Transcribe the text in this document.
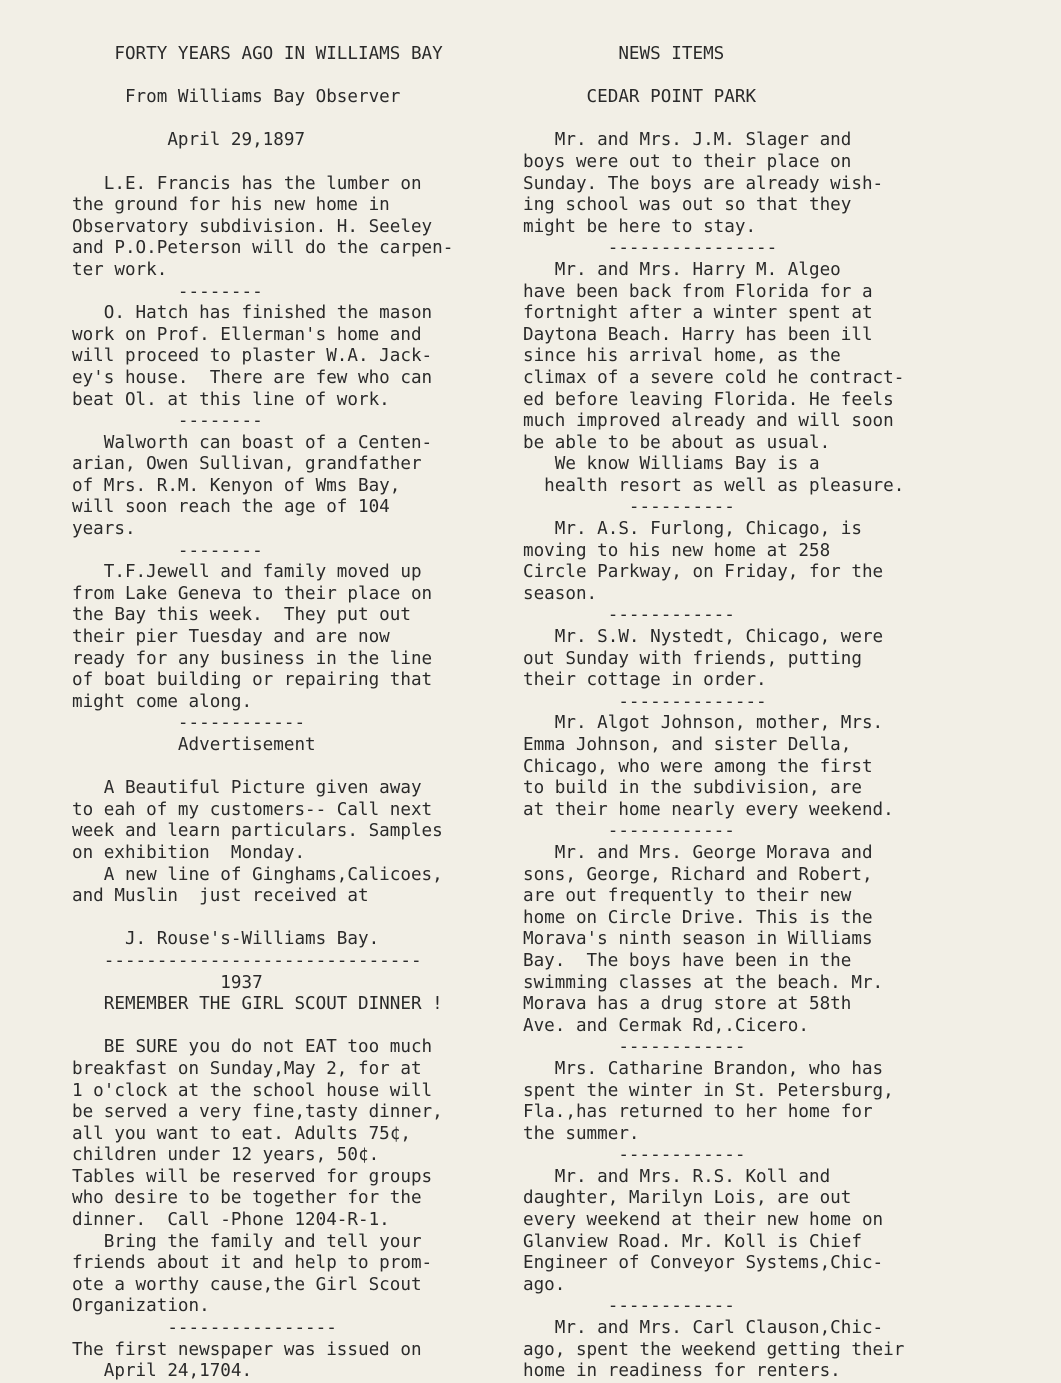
FORTY YEARS AGO IN WILLIAMS BAY
From Williams Bay Observer
April 29,1897
L.E. Francis has the lumber on
the ground for his new home in
Observatory subdivision. H. Seeley
and P.O.Peterson will do the carpen-
ter work.
--------
O. Hatch has finished the mason
work on Prof. Ellerman's home and
will proceed to plaster W.A. Jack-
ey's house.  There are few who can
beat Ol. at this line of work.
--------
Walworth can boast of a Centen-
arian, Owen Sullivan, grandfather
of Mrs. R.M. Kenyon of Wms Bay,
will soon reach the age of 104
years.
--------
T.F.Jewell and family moved up
from Lake Geneva to their place on
the Bay this week.  They put out
their pier Tuesday and are now
ready for any business in the line
of boat building or repairing that
might come along.
------------
Advertisement
A Beautiful Picture given away
to eah of my customers-- Call next
week and learn particulars. Samples
on exhibition  Monday.
A new line of Ginghams,Calicoes,
and Muslin  just received at
J. Rouse's-Williams Bay.
------------------------------
1937
REMEMBER THE GIRL SCOUT DINNER !
BE SURE you do not EAT too much
breakfast on Sunday,May 2, for at
1 o'clock at the school house will
be served a very fine,tasty dinner,
all you want to eat. Adults 75¢,
children under 12 years, 50¢.
Tables will be reserved for groups
who desire to be together for the
dinner.  Call -Phone 1204-R-1.
Bring the family and tell your
friends about it and help to prom-
ote a worthy cause,the Girl Scout
Organization.
----------------
The first newspaper was issued on
April 24,1704.
NEWS ITEMS
CEDAR POINT PARK
Mr. and Mrs. J.M. Slager and
boys were out to their place on
Sunday. The boys are already wish-
ing school was out so that they
might be here to stay.
----------------
Mr. and Mrs. Harry M. Algeo
have been back from Florida for a
fortnight after a winter spent at
Daytona Beach. Harry has been ill
since his arrival home, as the
climax of a severe cold he contract-
ed before leaving Florida. He feels
much improved already and will soon
be able to be about as usual.
We know Williams Bay is a
health resort as well as pleasure.
----------
Mr. A.S. Furlong, Chicago, is
moving to his new home at 258
Circle Parkway, on Friday, for the
season.
------------
Mr. S.W. Nystedt, Chicago, were
out Sunday with friends, putting
their cottage in order.
--------------
Mr. Algot Johnson, mother, Mrs.
Emma Johnson, and sister Della,
Chicago, who were among the first
to build in the subdivision, are
at their home nearly every weekend.
------------
Mr. and Mrs. George Morava and
sons, George, Richard and Robert,
are out frequently to their new
home on Circle Drive. This is the
Morava's ninth season in Williams
Bay.  The boys have been in the
swimming classes at the beach. Mr.
Morava has a drug store at 58th
Ave. and Cermak Rd,.Cicero.
------------
Mrs. Catharine Brandon, who has
spent the winter in St. Petersburg,
Fla.,has returned to her home for
the summer.
------------
Mr. and Mrs. R.S. Koll and
daughter, Marilyn Lois, are out
every weekend at their new home on
Glanview Road. Mr. Koll is Chief
Engineer of Conveyor Systems,Chic-
ago.
------------
Mr. and Mrs. Carl Clauson,Chic-
ago, spent the weekend getting their
home in readiness for renters.
